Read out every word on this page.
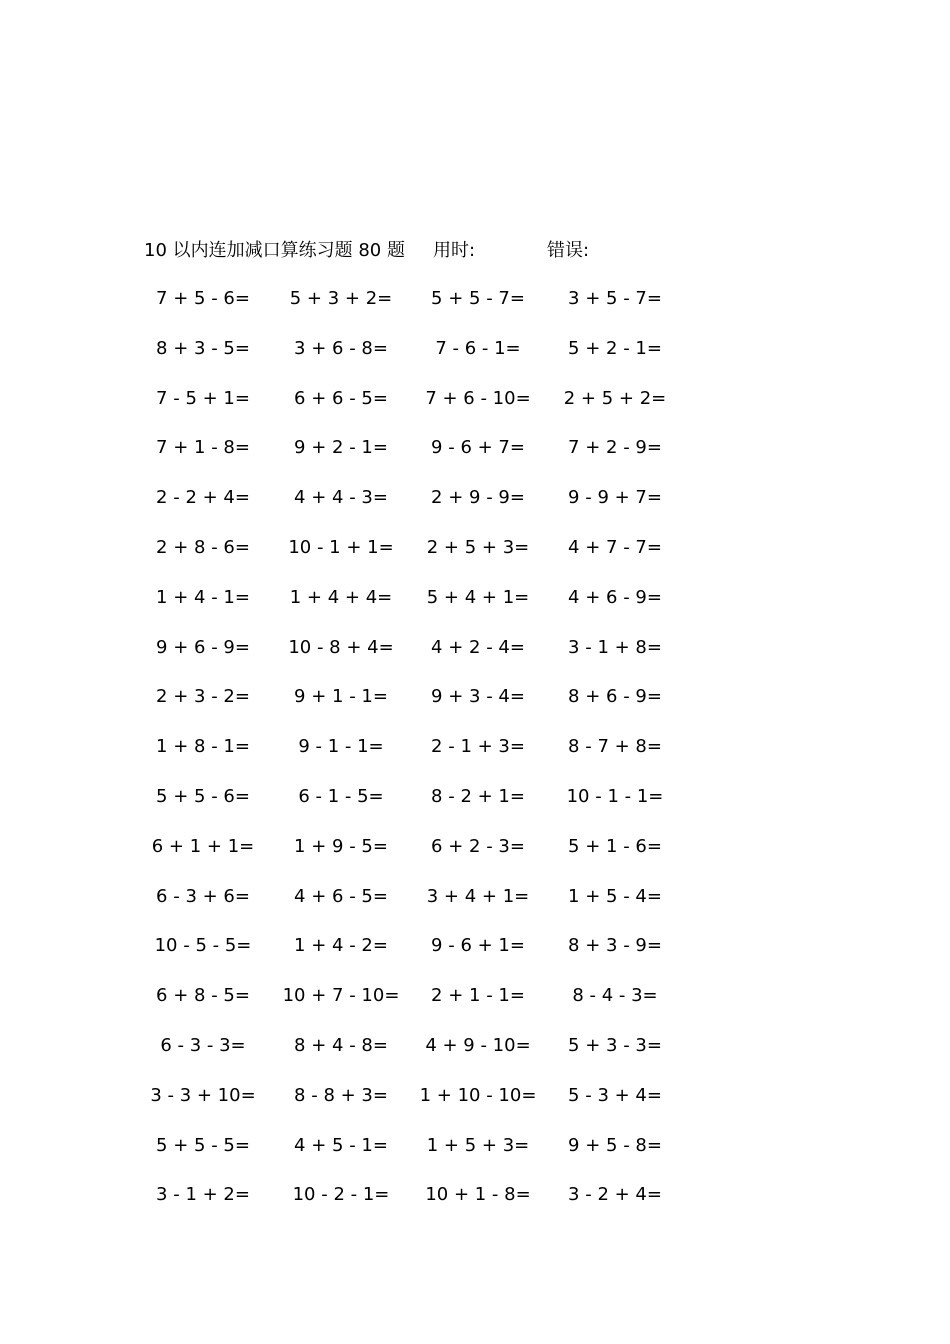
10 以内连加减口算练习题 80 题 用时:	错误:
7 + 5 - 6=	5 + 3 + 2=	5 + 5 - 7=	3 + 5 - 7=
8 + 3 - 5=	3 + 6 - 8=	7 - 6 - 1=	5 + 2 - 1=
7 - 5 + 1=	6 + 6 - 5=	7 + 6 - 10=	2 + 5 + 2=
7 + 1 - 8=	9 + 2 - 1=	9 - 6 + 7=	7 + 2 - 9=
2 - 2 + 4=	4 + 4 - 3=	2 + 9 - 9=	9 - 9 + 7=
2 + 8 - 6=	10 - 1 + 1=	2 + 5 + 3=	4 + 7 - 7=
1 + 4 - 1=	1 + 4 + 4=	5 + 4 + 1=	4 + 6 - 9=
9 + 6 - 9=	10 - 8 + 4=	4 + 2 - 4=	3 - 1 + 8=
2 + 3 - 2=	9 + 1 - 1=	9 + 3 - 4=	8 + 6 - 9=
1 + 8 - 1=	9 - 1 - 1=	2 - 1 + 3=	8 - 7 + 8=
5 + 5 - 6=	6 - 1 - 5=	8 - 2 + 1=	10 - 1 - 1=
6 + 1 + 1=	1 + 9 - 5=	6 + 2 - 3=	5 + 1 - 6=
6 - 3 + 6=	4 + 6 - 5=	3 + 4 + 1=	1 + 5 - 4=
10 - 5 - 5=	1 + 4 - 2=	9 - 6 + 1=	8 + 3 - 9=
6 + 8 - 5=	10 + 7 - 10=	2 + 1 - 1=	8 - 4 - 3=
6 - 3 - 3=	8 + 4 - 8=	4 + 9 - 10=	5 + 3 - 3=
3 - 3 + 10=	8 - 8 + 3=	1 + 10 - 10=	5 - 3 + 4=
5 + 5 - 5=	4 + 5 - 1=	1 + 5 + 3=	9 + 5 - 8=
3 - 1 + 2=	10 - 2 - 1=	10 + 1 - 8=	3 - 2 + 4=
